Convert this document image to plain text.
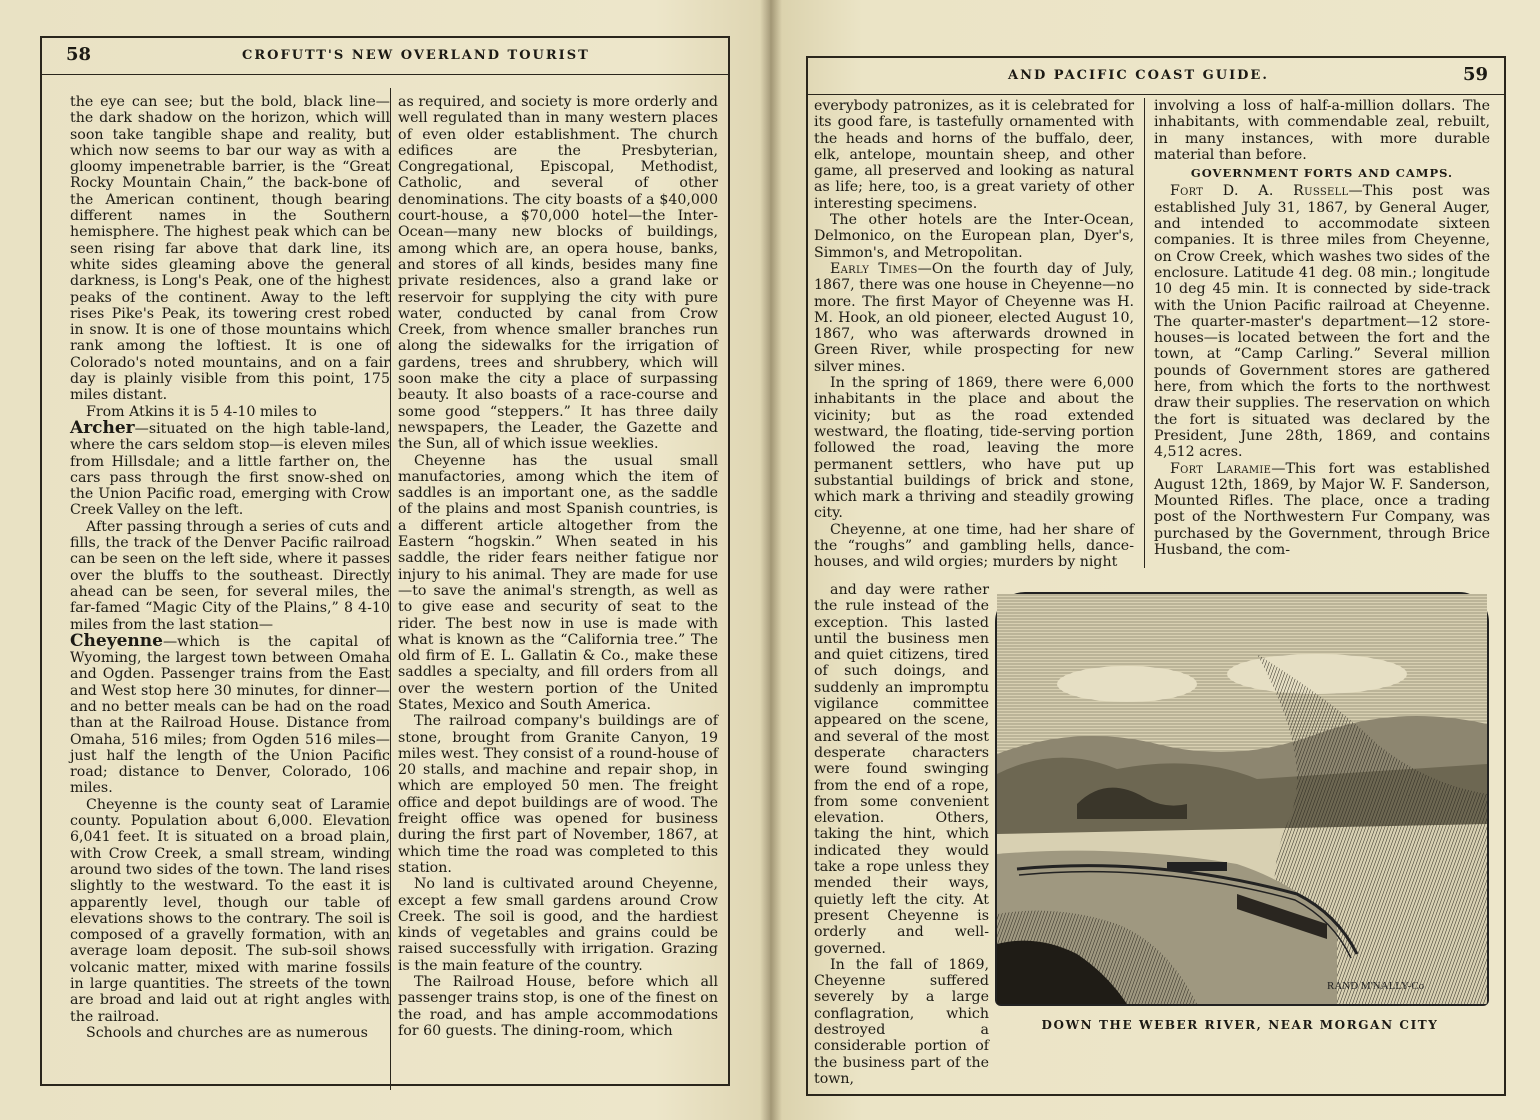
58	CROFUTT'S NEW OVERLAND TOURIST

the eye can see; but the bold, black line—the dark shadow on the horizon, which will soon take tangible shape and reality, but which now seems to bar our way as with a gloomy impenetrable barrier, is the “Great Rocky Mountain Chain,” the back-bone of the American continent, though bearing different names in the Southern hemisphere. The highest peak which can be seen rising far above that dark line, its white sides gleaming above the general darkness, is Long's Peak, one of the highest peaks of the continent. Away to the left rises Pike's Peak, its towering crest robed in snow. It is one of those mountains which rank among the loftiest. It is one of Colorado's noted mountains, and on a fair day is plainly visible from this point, 175 miles distant.

From Atkins it is 5 4-10 miles to

Archer—situated on the high table-land, where the cars seldom stop—is eleven miles from Hillsdale; and a little farther on, the cars pass through the first snow-shed on the Union Pacific road, emerging with Crow Creek Valley on the left.

After passing through a series of cuts and fills, the track of the Denver Pacific railroad can be seen on the left side, where it passes over the bluffs to the southeast. Directly ahead can be seen, for several miles, the far-famed “Magic City of the Plains,” 8 4-10 miles from the last station—

Cheyenne—which is the capital of Wyoming, the largest town between Omaha and Ogden. Passenger trains from the East and West stop here 30 minutes, for dinner—and no better meals can be had on the road than at the Railroad House. Distance from Omaha, 516 miles; from Ogden 516 miles—just half the length of the Union Pacific road; distance to Denver, Colorado, 106 miles.

Cheyenne is the county seat of Laramie county. Population about 6,000. Elevation 6,041 feet. It is situated on a broad plain, with Crow Creek, a small stream, winding around two sides of the town. The land rises slightly to the westward. To the east it is apparently level, though our table of elevations shows to the contrary. The soil is composed of a gravelly formation, with an average loam deposit. The sub-soil shows volcanic matter, mixed with marine fossils in large quantities. The streets of the town are broad and laid out at right angles with the railroad.

Schools and churches are as numerous

as required, and society is more orderly and well regulated than in many western places of even older establishment. The church edifices are the Presbyterian, Congregational, Episcopal, Methodist, Catholic, and several of other denominations. The city boasts of a $40,000 court-house, a $70,000 hotel—the Inter-Ocean—many new blocks of buildings, among which are, an opera house, banks, and stores of all kinds, besides many fine private residences, also a grand lake or reservoir for supplying the city with pure water, conducted by canal from Crow Creek, from whence smaller branches run along the sidewalks for the irrigation of gardens, trees and shrubbery, which will soon make the city a place of surpassing beauty. It also boasts of a race-course and some good “steppers.” It has three daily newspapers, the Leader, the Gazette and the Sun, all of which issue weeklies.

Cheyenne has the usual small manufactories, among which the item of saddles is an important one, as the saddle of the plains and most Spanish countries, is a different article altogether from the Eastern “hogskin.” When seated in his saddle, the rider fears neither fatigue nor injury to his animal. They are made for use—to save the animal's strength, as well as to give ease and security of seat to the rider. The best now in use is made with what is known as the “California tree.” The old firm of E. L. Gallatin & Co., make these saddles a specialty, and fill orders from all over the western portion of the United States, Mexico and South America.

The railroad company's buildings are of stone, brought from Granite Canyon, 19 miles west. They consist of a round-house of 20 stalls, and machine and repair shop, in which are employed 50 men. The freight office and depot buildings are of wood. The freight office was opened for business during the first part of November, 1867, at which time the road was completed to this station.

No land is cultivated around Cheyenne, except a few small gardens around Crow Creek. The soil is good, and the hardiest kinds of vegetables and grains could be raised successfully with irrigation. Grazing is the main feature of the country.

The Railroad House, before which all passenger trains stop, is one of the finest on the road, and has ample accommodations for 60 guests. The dining-room, which

AND PACIFIC COAST GUIDE.	59

everybody patronizes, as it is celebrated for its good fare, is tastefully ornamented with the heads and horns of the buffalo, deer, elk, antelope, mountain sheep, and other game, all preserved and looking as natural as life; here, too, is a great variety of other interesting specimens.

The other hotels are the Inter-Ocean, Delmonico, on the European plan, Dyer's, Simmon's, and Metropolitan.

Early Times—On the fourth day of July, 1867, there was one house in Cheyenne—no more. The first Mayor of Cheyenne was H. M. Hook, an old pioneer, elected August 10, 1867, who was afterwards drowned in Green River, while prospecting for new silver mines.

In the spring of 1869, there were 6,000 inhabitants in the place and about the vicinity; but as the road extended westward, the floating, tide-serving portion followed the road, leaving the more permanent settlers, who have put up substantial buildings of brick and stone, which mark a thriving and steadily growing city.

Cheyenne, at one time, had her share of the “roughs” and gambling hells, dance-houses, and wild orgies; murders by night

involving a loss of half-a-million dollars. The inhabitants, with commendable zeal, rebuilt, in many instances, with more durable material than before.

GOVERNMENT FORTS AND CAMPS.

Fort D. A. Russell—This post was established July 31, 1867, by General Auger, and intended to accommodate sixteen companies. It is three miles from Cheyenne, on Crow Creek, which washes two sides of the enclosure. Latitude 41 deg. 08 min.; longitude 10 deg 45 min. It is connected by side-track with the Union Pacific railroad at Cheyenne. The quarter-master's department—12 store-houses—is located between the fort and the town, at “Camp Carling.” Several million pounds of Government stores are gathered here, from which the forts to the northwest draw their supplies. The reservation on which the fort is situated was declared by the President, June 28th, 1869, and contains 4,512 acres.

Fort Laramie—This fort was established August 12th, 1869, by Major W. F. Sanderson, Mounted Rifles. The place, once a trading post of the Northwestern Fur Company, was purchased by the Government, through Brice Husband, the com-

and day were rather the rule instead of the exception. This lasted until the business men and quiet citizens, tired of such doings, and suddenly an impromptu vigilance committee appeared on the scene, and several of the most desperate characters were found swinging from the end of a rope, from some convenient elevation. Others, taking the hint, which indicated they would take a rope unless they mended their ways, quietly left the city. At present Cheyenne is orderly and well-governed.

In the fall of 1869, Cheyenne suffered severely by a large conflagration, which destroyed a considerable portion of the business part of the town,

RAND M'NALLY-Co
DOWN THE WEBER RIVER, NEAR MORGAN CITY
